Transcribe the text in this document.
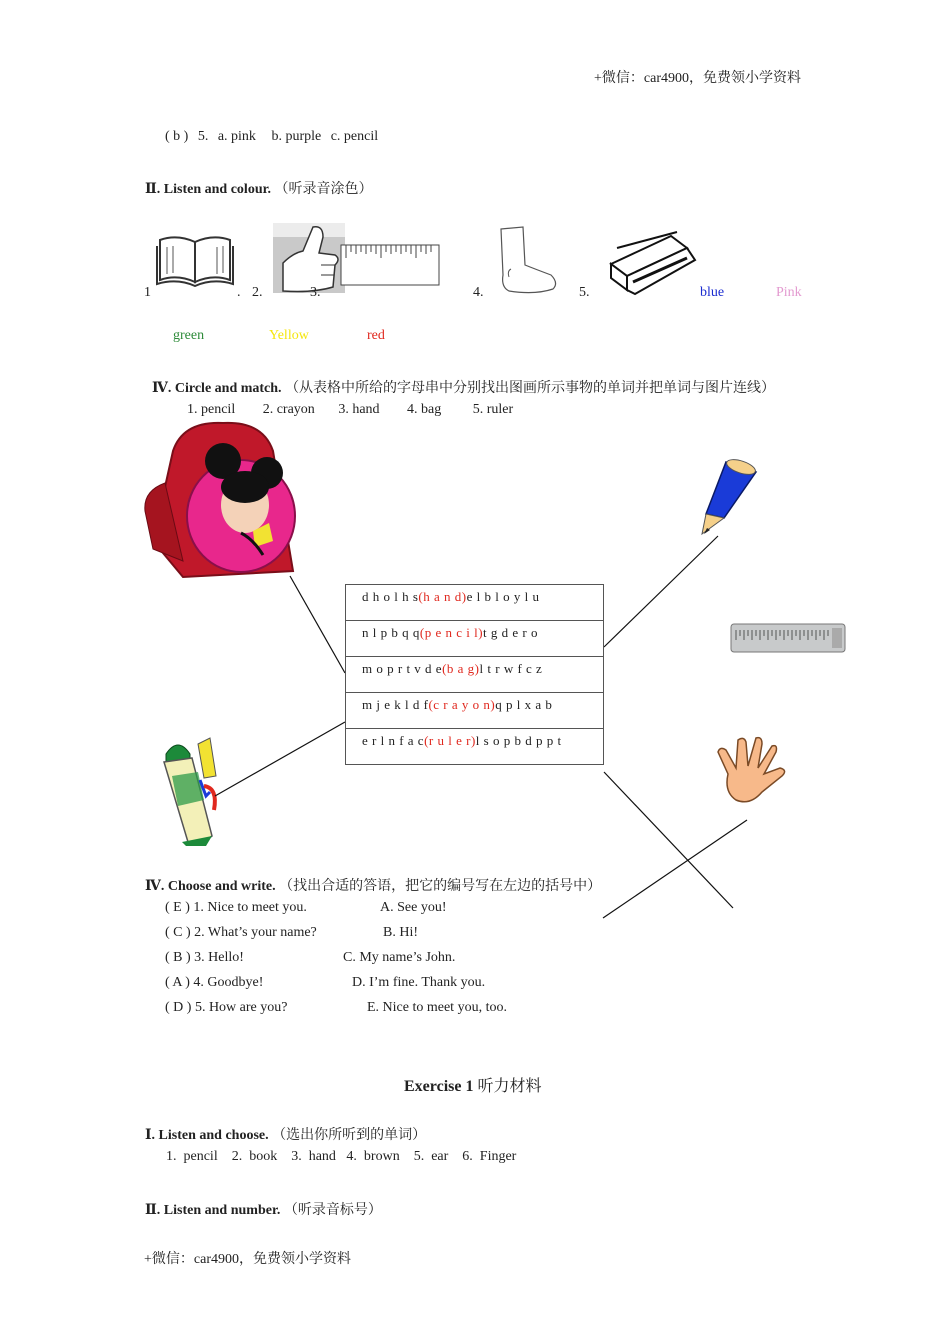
+微信：car4900，免费领小学资料
( b ) 5. a. pink b. purple c. pencil
Ⅱ. Listen and colour. （听录音涂色）
1	. 2.	3.	4.	5.	blue	Pink
green	Yellow	red
Ⅳ. Circle and match. （从表格中所给的字母串中分别找出图画所示事物的单词并把单词与图片连线）
1. pencil 2. crayon 3. hand 4. bag 5. ruler
d h o l h s(h a n d)e l b l o y l u
n l p b q q(p e n c i l)t g d e r o
m o p r t v d e(b a g)l t r w f c z
m j e k l d f(c r a y o n)q p l x a b
e r l n f a c(r u l e r)l s o p b d p p t
Ⅳ. Choose and write. （找出合适的答语，把它的编号写在左边的括号中）
( E ) 1. Nice to meet you.	A. See you!
( C ) 2. What’s your name?	B. Hi!
( B ) 3. Hello!	C. My name’s John.
( A ) 4. Goodbye!	D. I’m fine. Thank you.
( D ) 5. How are you?	E. Nice to meet you, too.
Exercise 1 听力材料
Ⅰ. Listen and choose. （选出你所听到的单词）
1.  pencil    2.  book    3.  hand   4.  brown    5.  ear    6.  Finger
Ⅱ. Listen and number. （听录音标号）
+微信：car4900，免费领小学资料
